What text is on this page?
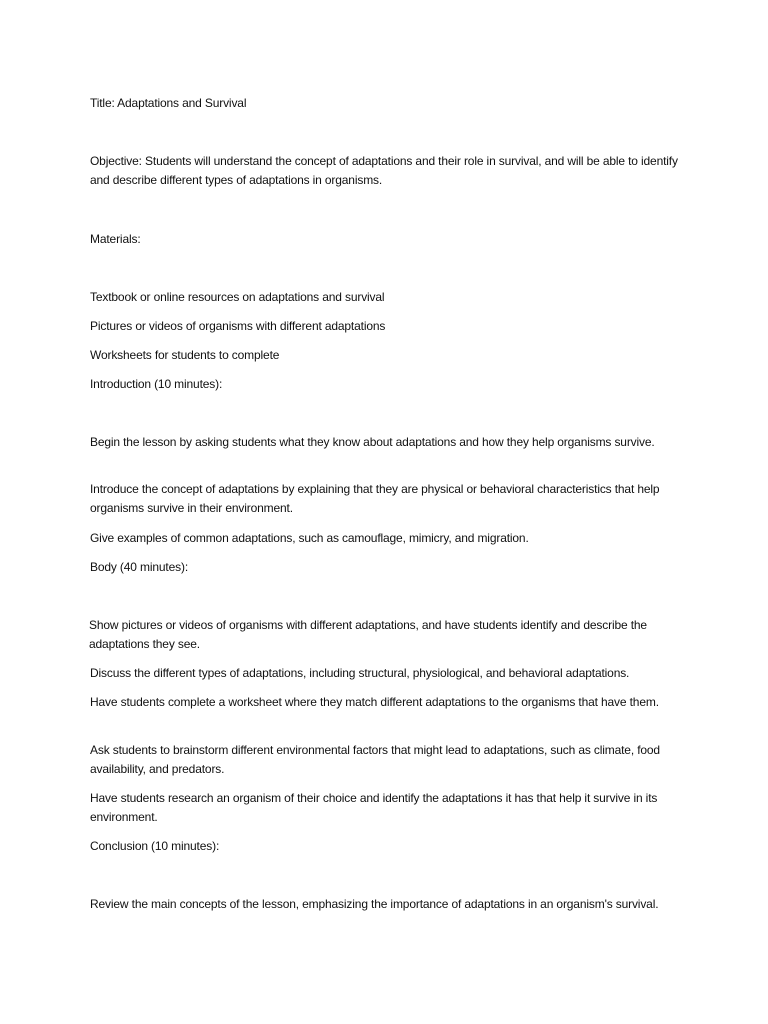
Title: Adaptations and Survival

Objective: Students will understand the concept of adaptations and their role in survival, and will be able to identify and describe different types of adaptations in organisms.

Materials:

Textbook or online resources on adaptations and survival

Pictures or videos of organisms with different adaptations

Worksheets for students to complete

Introduction (10 minutes):

Begin the lesson by asking students what they know about adaptations and how they help organisms survive.

Introduce the concept of adaptations by explaining that they are physical or behavioral characteristics that help organisms survive in their environment.

Give examples of common adaptations, such as camouflage, mimicry, and migration.

Body (40 minutes):

Show pictures or videos of organisms with different adaptations, and have students identify and describe the adaptations they see.

Discuss the different types of adaptations, including structural, physiological, and behavioral adaptations.

Have students complete a worksheet where they match different adaptations to the organisms that have them.

Ask students to brainstorm different environmental factors that might lead to adaptations, such as climate, food availability, and predators.

Have students research an organism of their choice and identify the adaptations it has that help it survive in its environment.

Conclusion (10 minutes):

Review the main concepts of the lesson, emphasizing the importance of adaptations in an organism's survival.
